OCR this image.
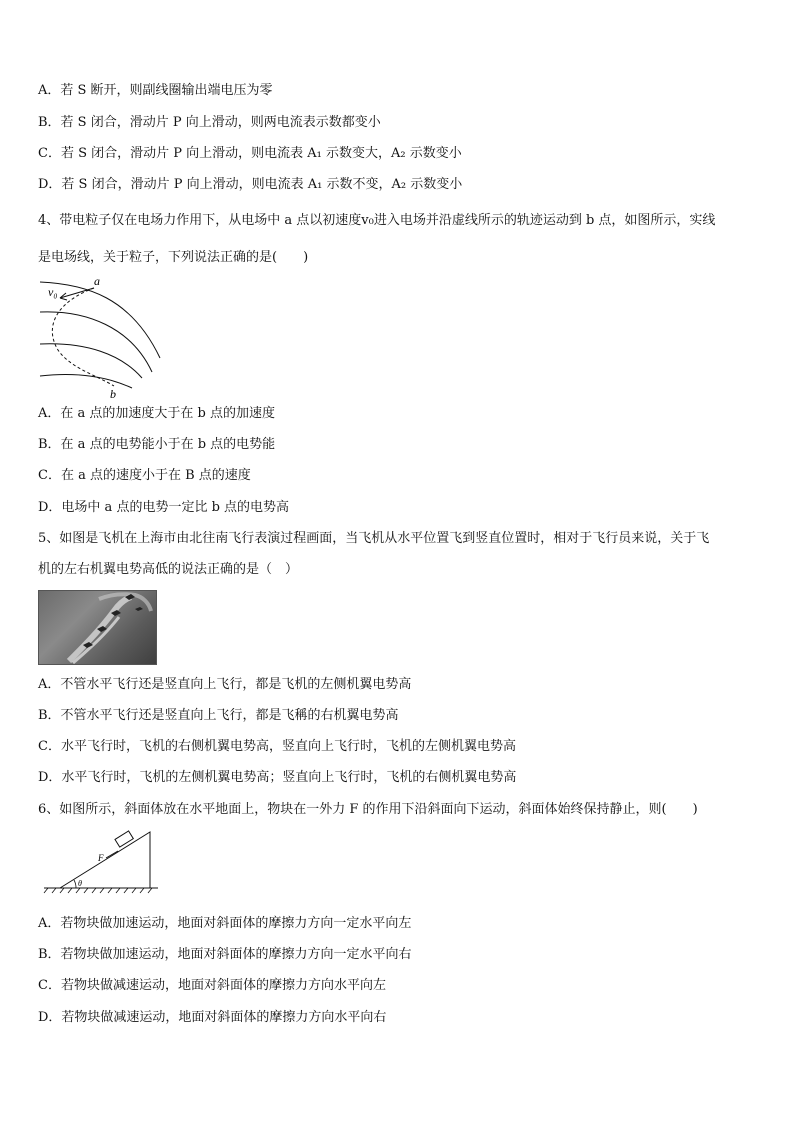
A．若 S 断开，则副线圈输出端电压为零
B．若 S 闭合，滑动片 P 向上滑动，则两电流表示数都变小
C．若 S 闭合，滑动片 P 向上滑动，则电流表 A₁ 示数变大，A₂ 示数变小
D．若 S 闭合，滑动片 P 向上滑动，则电流表 A₁ 示数不变，A₂ 示数变小
4、带电粒子仅在电场力作用下，从电场中 a 点以初速度v₀进入电场并沿虚线所示的轨迹运动到 b 点，如图所示，实线
是电场线，关于粒子，下列说法正确的是(　　)
v₀
a
b
A．在 a 点的加速度大于在 b 点的加速度
B．在 a 点的电势能小于在 b 点的电势能
C．在 a 点的速度小于在 B 点的速度
D．电场中 a 点的电势一定比 b 点的电势高
5、如图是飞机在上海市由北往南飞行表演过程画面，当飞机从水平位置飞到竖直位置时，相对于飞行员来说，关于飞
机的左右机翼电势高低的说法正确的是（　）
A．不管水平飞行还是竖直向上飞行，都是飞机的左侧机翼电势高
B．不管水平飞行还是竖直向上飞行，都是飞稱的右机翼电势高
C．水平飞行时，飞机的右侧机翼电势高，竖直向上飞行时，飞机的左侧机翼电势高
D．水平飞行时，飞机的左侧机翼电势高；竖直向上飞行时，飞机的右侧机翼电势高
6、如图所示，斜面体放在水平地面上，物块在一外力 F 的作用下沿斜面向下运动，斜面体始终保持静止，则(　　)
F
θ
A．若物块做加速运动，地面对斜面体的摩擦力方向一定水平向左
B．若物块做加速运动，地面对斜面体的摩擦力方向一定水平向右
C．若物块做减速运动，地面对斜面体的摩擦力方向水平向左
D．若物块做减速运动，地面对斜面体的摩擦力方向水平向右
